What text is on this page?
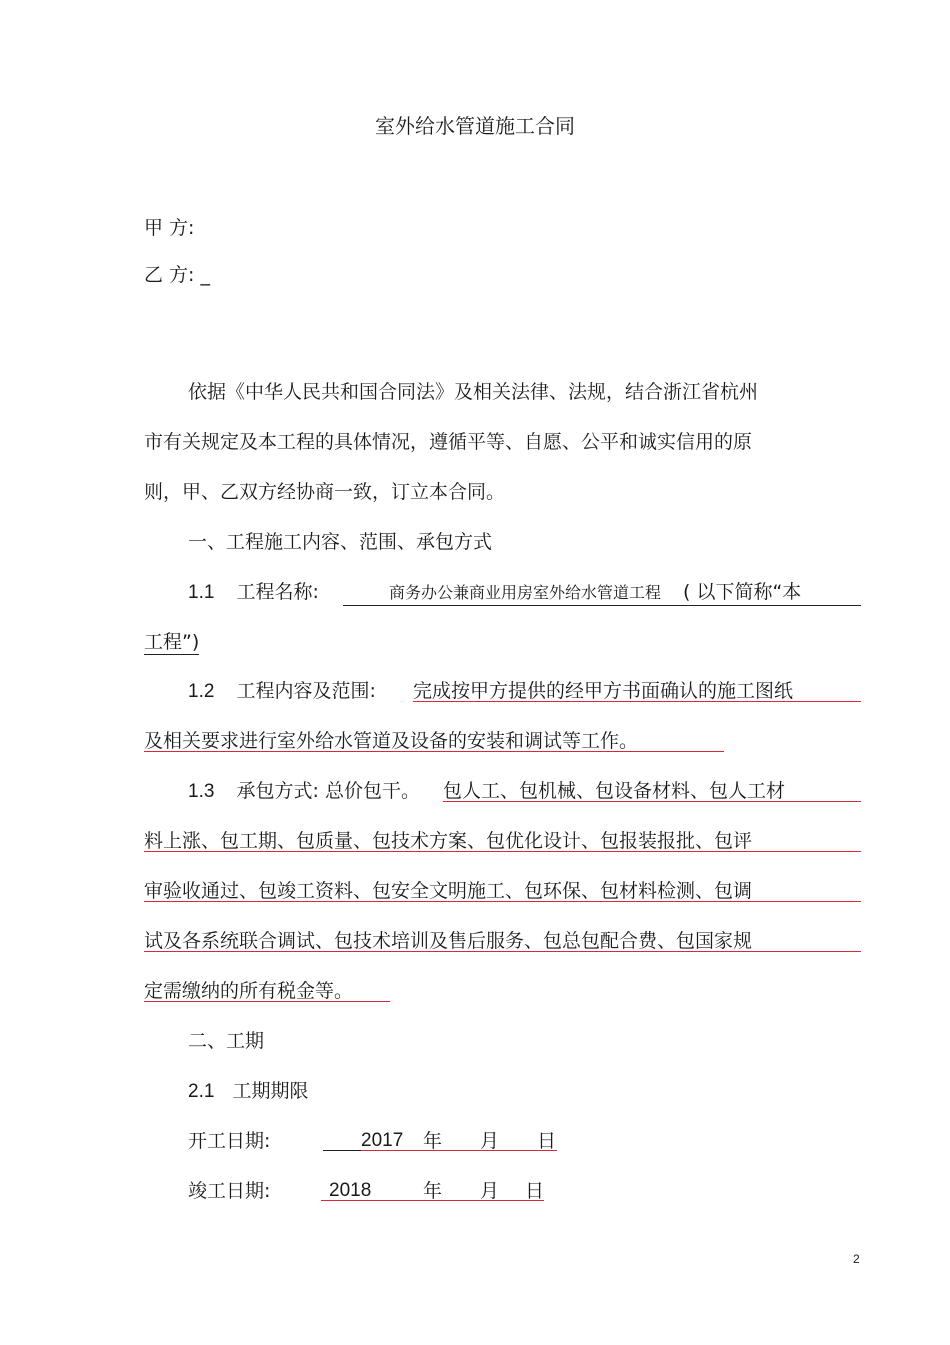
室外给水管道施工合同
甲 方:
乙 方: _
依据《中华人民共和国合同法》及相关法律、法规，结合浙江省杭州
市有关规定及本工程的具体情况，遵循平等、自愿、公平和诚实信用的原
则，甲、乙双方经协商一致，订立本合同。
一、工程施工内容、范围、承包方式
1.1 工程名称:	商务办公兼商业用房室外给水管道工程 ( 以下简称“本
工程”)
1.2 工程内容及范围: 完成按甲方提供的经甲方书面确认的施工图纸
及相关要求进行室外给水管道及设备的安装和调试等工作。
1.3 承包方式: 总价包干。 包人工、包机械、包设备材料、包人工材
料上涨、包工期、包质量、包技术方案、包优化设计、包报装报批、包评
审验收通过、包竣工资料、包安全文明施工、包环保、包材料检测、包调
试及各系统联合调试、包技术培训及售后服务、包总包配合费、包国家规
定需缴纳的所有税金等。
二、工期
2.1 工期期限
开工日期:	2017 年 月 日
竣工日期:	2018	年 月 日
2
